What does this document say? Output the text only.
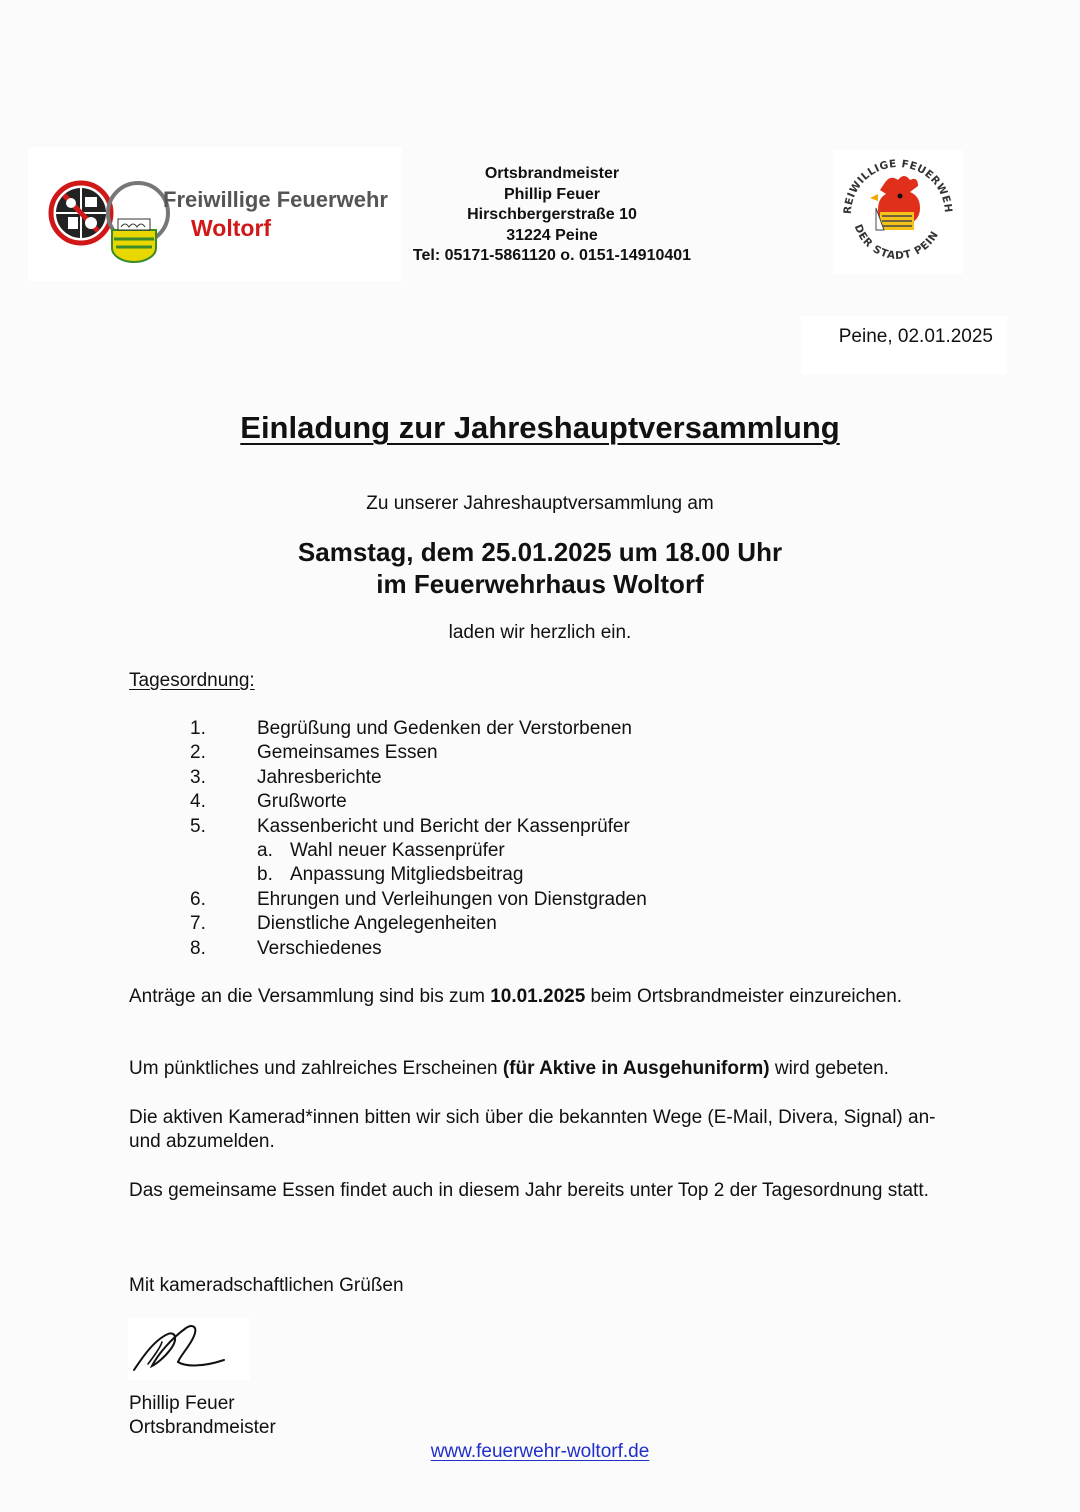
Freiwillige Feuerwehr
Woltorf
Ortsbrandmeister
Phillip Feuer
Hirschbergerstraße 10
31224 Peine
Tel: 05171-5861120 o. 0151-14910401
REIWILLIGE FEUERWEH
DER STADT PEIN
Peine, 02.01.2025
Einladung zur Jahreshauptversammlung
Zu unserer Jahreshauptversammlung am
Samstag, dem 25.01.2025 um 18.00 Uhr
im Feuerwehrhaus Woltorf
laden wir herzlich ein.
Tagesordnung:
1.	Begrüßung und Gedenken der Verstorbenen
2.	Gemeinsames Essen
3.	Jahresberichte
4.	Grußworte
5.	Kassenbericht und Bericht der Kassenprüfer
a. Wahl neuer Kassenprüfer
b. Anpassung Mitgliedsbeitrag
6.	Ehrungen und Verleihungen von Dienstgraden
7.	Dienstliche Angelegenheiten
8.	Verschiedenes
Anträge an die Versammlung sind bis zum 10.01.2025 beim Ortsbrandmeister einzureichen.
Um pünktliches und zahlreiches Erscheinen (für Aktive in Ausgehuniform) wird gebeten.
Die aktiven Kamerad*innen bitten wir sich über die bekannten Wege (E-Mail, Divera, Signal) an- und abzumelden.
Das gemeinsame Essen findet auch in diesem Jahr bereits unter Top 2 der Tagesordnung statt.
Mit kameradschaftlichen Grüßen
Phillip Feuer
Ortsbrandmeister
www.feuerwehr-woltorf.de
